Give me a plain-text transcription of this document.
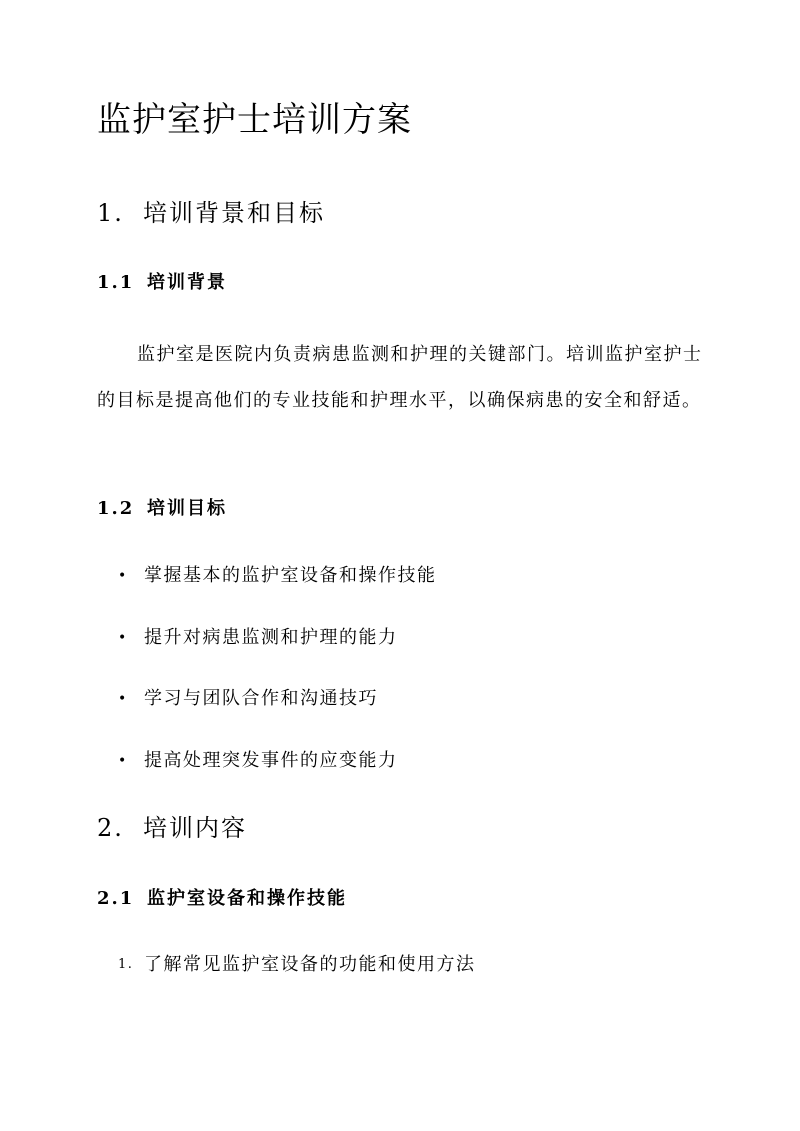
监护室护士培训方案
1. 培训背景和目标
1.1 培训背景

监护室是医院内负责病患监测和护理的关键部门。培训监护室护士的目标是提高他们的专业技能和护理水平，以确保病患的安全和舒适。

1.2 培训目标
• 掌握基本的监护室设备和操作技能
• 提升对病患监测和护理的能力
• 学习与团队合作和沟通技巧
• 提高处理突发事件的应变能力
2. 培训内容
2.1 监护室设备和操作技能
1. 了解常见监护室设备的功能和使用方法
